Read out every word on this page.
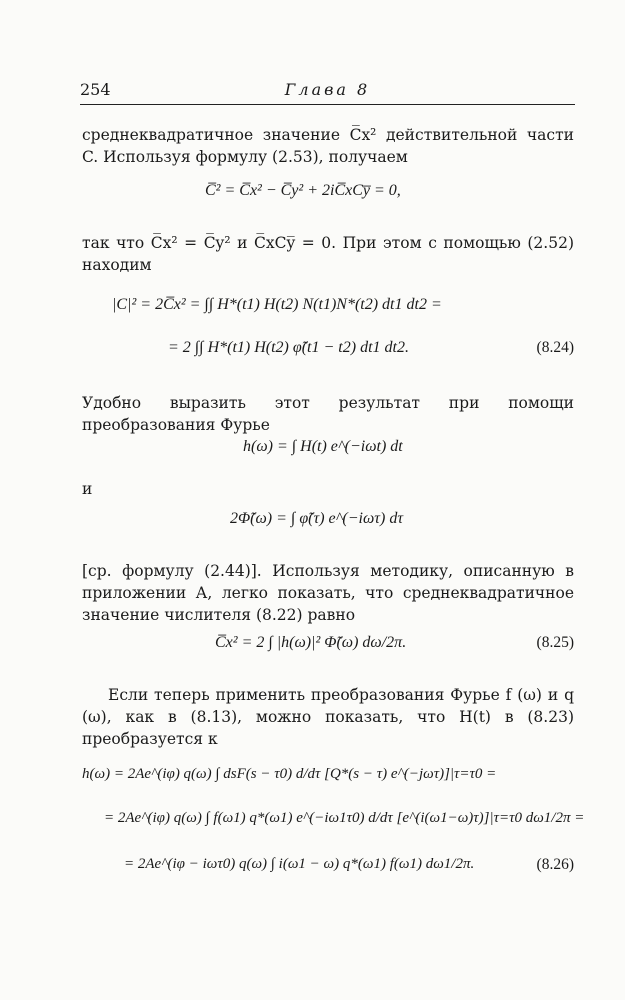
254	Глава 8
среднеквадратичное значение C̅x² действительной части C. Используя формулу (2.53), получаем
C̅² = C̅x² − C̅y² + 2iC̅xCy̅ = 0,
так что C̅x² = C̅y² и C̅xCy̅ = 0. При этом с помощью (2.52) находим
|C|² = 2C̅x² = ∫∫ H*(t1) H(t2) N(t1)N*(t2) dt1 dt2 =
= 2 ∫∫ H*(t1) H(t2) φ̃(t1 − t2) dt1 dt2.	(8.24)
Удобно выразить этот результат при помощи преобразования Фурье
h(ω) = ∫ H(t) e^(−iωt) dt
и
2Φ̃(ω) = ∫ φ̃(τ) e^(−iωτ) dτ
[ср. формулу (2.44)]. Используя методику, описанную в приложении А, легко показать, что среднеквадратичное значение числителя (8.22) равно
C̅x² = 2 ∫ |h(ω)|² Φ̃(ω) dω/2π.	(8.25)
Если теперь применить преобразования Фурье f (ω) и q (ω), как в (8.13), можно показать, что H(t) в (8.23) преобразуется к
h(ω) = 2Ae^(iφ) q(ω) ∫ dsF(s − τ0) d/dτ [Q*(s − τ) e^(−jωτ)]|τ=τ0 =
= 2Ae^(iφ) q(ω) ∫ f(ω1) q*(ω1) e^(−iω1τ0) d/dτ [e^(i(ω1−ω)τ)]|τ=τ0 dω1/2π =
= 2Ae^(iφ − iωτ0) q(ω) ∫ i(ω1 − ω) q*(ω1) f(ω1) dω1/2π.	(8.26)
